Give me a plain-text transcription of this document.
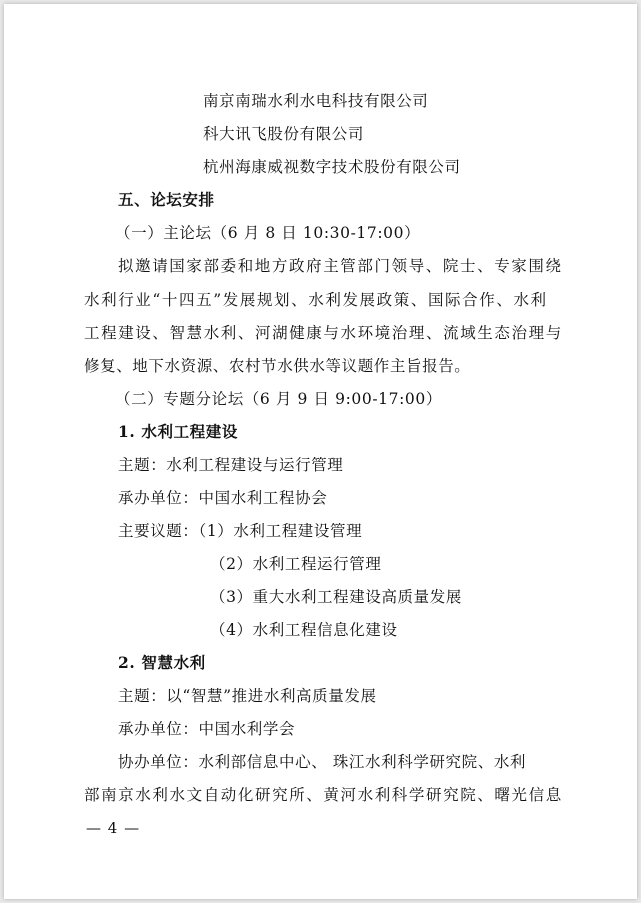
南京南瑞水利水电科技有限公司
科大讯飞股份有限公司
杭州海康威视数字技术股份有限公司
五、论坛安排
（一）主论坛（6 月 8 日 10:30-17:00）
拟邀请国家部委和地方政府主管部门领导、院士、专家围绕
水利行业“十四五”发展规划、水利发展政策、国际合作、水利
工程建设、智慧水利、河湖健康与水环境治理、流域生态治理与
修复、地下水资源、农村节水供水等议题作主旨报告。
（二）专题分论坛（6 月 9 日 9:00-17:00）
1. 水利工程建设
主题：水利工程建设与运行管理
承办单位：中国水利工程协会
主要议题：（1）水利工程建设管理
（2）水利工程运行管理
（3）重大水利工程建设高质量发展
（4）水利工程信息化建设
2. 智慧水利
主题：以“智慧”推进水利高质量发展
承办单位：中国水利学会
协办单位：水利部信息中心、 珠江水利科学研究院、水利
部南京水利水文自动化研究所、黄河水利科学研究院、曙光信息
— 4 —
